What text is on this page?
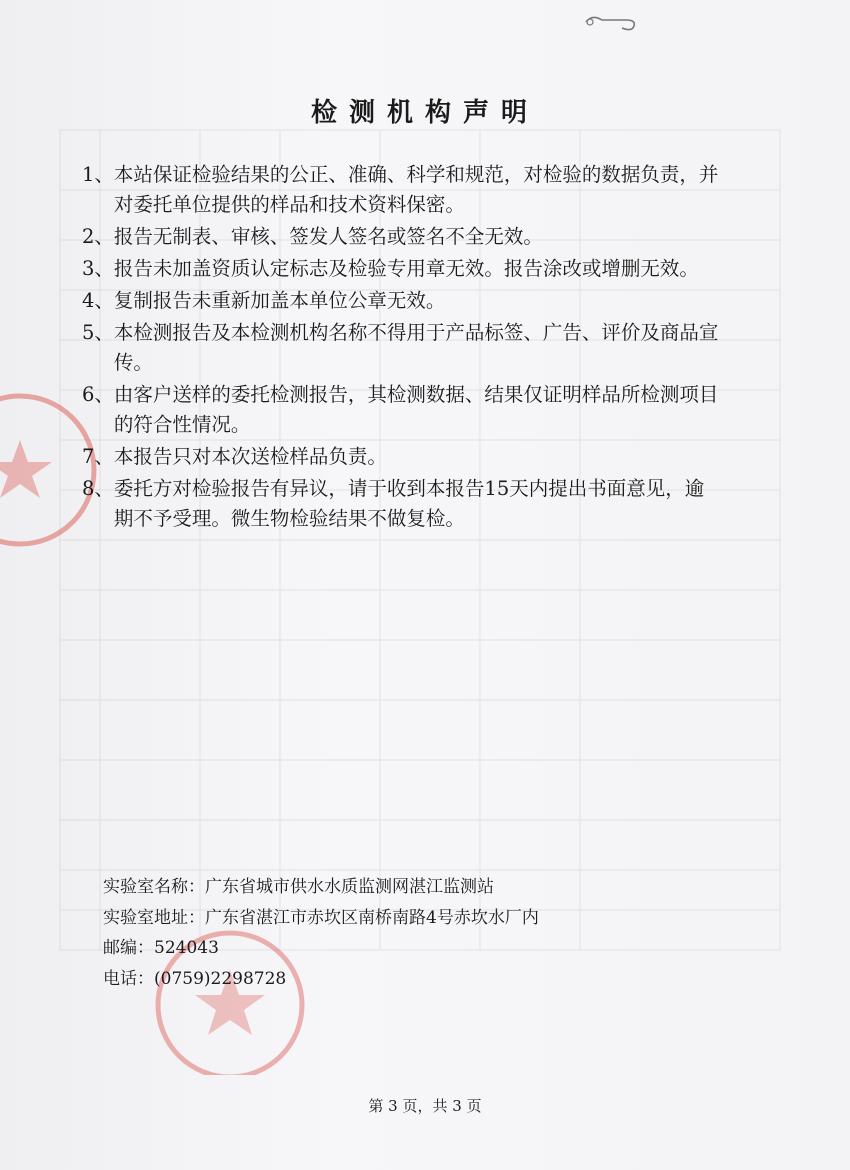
检测机构声明
1、 本站保证检验结果的公正、准确、科学和规范，对检验的数据负责，并对委托单位提供的样品和技术资料保密。
2、 报告无制表、审核、签发人签名或签名不全无效。
3、 报告未加盖资质认定标志及检验专用章无效。报告涂改或增删无效。
4、 复制报告未重新加盖本单位公章无效。
5、 本检测报告及本检测机构名称不得用于产品标签、广告、评价及商品宣传。
6、 由客户送样的委托检测报告，其检测数据、结果仅证明样品所检测项目的符合性情况。
7、 本报告只对本次送检样品负责。
8、 委托方对检验报告有异议，请于收到本报告15天内提出书面意见，逾期不予受理。微生物检验结果不做复检。
实验室名称：广东省城市供水水质监测网湛江监测站
实验室地址：广东省湛江市赤坎区南桥南路4号赤坎水厂内
邮编：524043
电话：(0759)2298728
第 3 页，共 3 页
